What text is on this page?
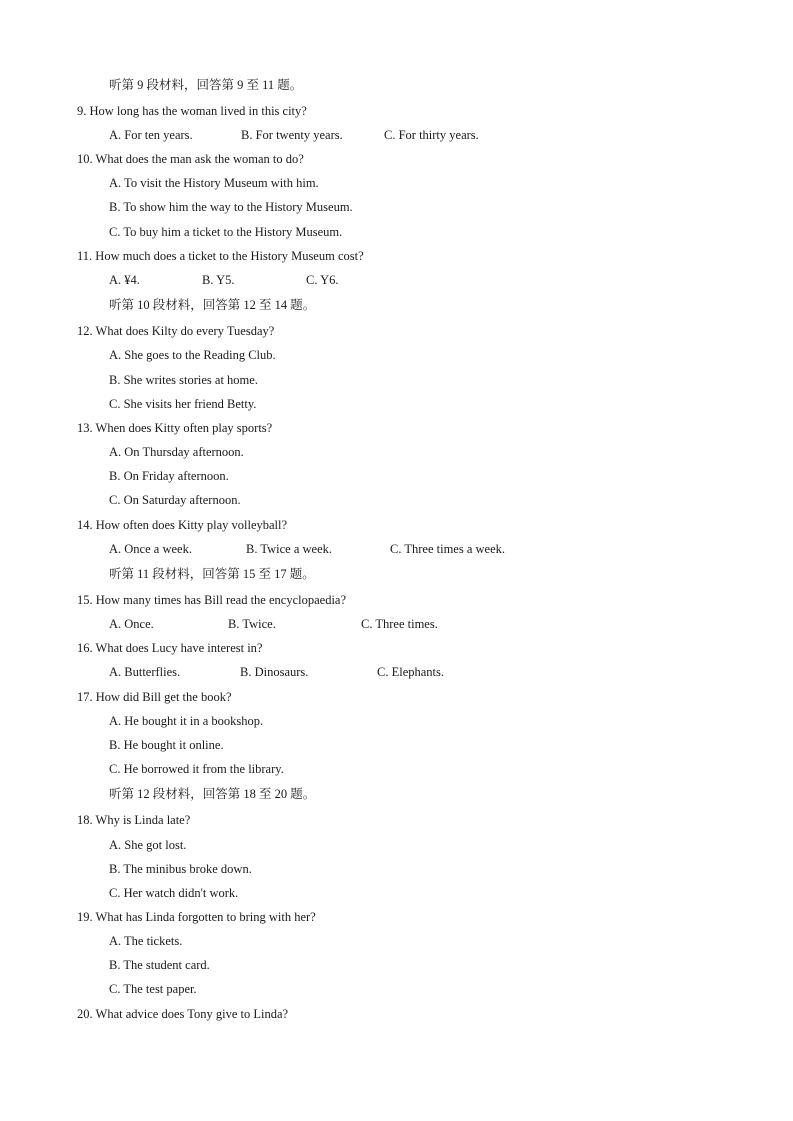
听第 9 段材料，回答第 9 至 11 题。
9. How long has the woman lived in this city?
A. For ten years.	B. For twenty years.	C. For thirty years.
10. What does the man ask the woman to do?
A. To visit the History Museum with him.
B. To show him the way to the History Museum.
C. To buy him a ticket to the History Museum.
11. How much does a ticket to the History Museum cost?
A. ¥4.	B. Y5.	C. Y6.
听第 10 段材料，回答第 12 至 14 题。
12. What does Kilty do every Tuesday?
A. She goes to the Reading Club.
B. She writes stories at home.
C. She visits her friend Betty.
13. When does Kitty often play sports?
A. On Thursday afternoon.
B. On Friday afternoon.
C. On Saturday afternoon.
14. How often does Kitty play volleyball?
A. Once a week.	B. Twice a week.	C. Three times a week.
听第 11 段材料，回答第 15 至 17 题。
15. How many times has Bill read the encyclopaedia?
A. Once.	B. Twice.	C. Three times.
16. What does Lucy have interest in?
A. Butterflies.	B. Dinosaurs.	C. Elephants.
17. How did Bill get the book?
A. He bought it in a bookshop.
B. He bought it online.
C. He borrowed it from the library.
听第 12 段材料，回答第 18 至 20 题。
18. Why is Linda late?
A. She got lost.
B. The minibus broke down.
C. Her watch didn't work.
19. What has Linda forgotten to bring with her?
A. The tickets.
B. The student card.
C. The test paper.
20. What advice does Tony give to Linda?
